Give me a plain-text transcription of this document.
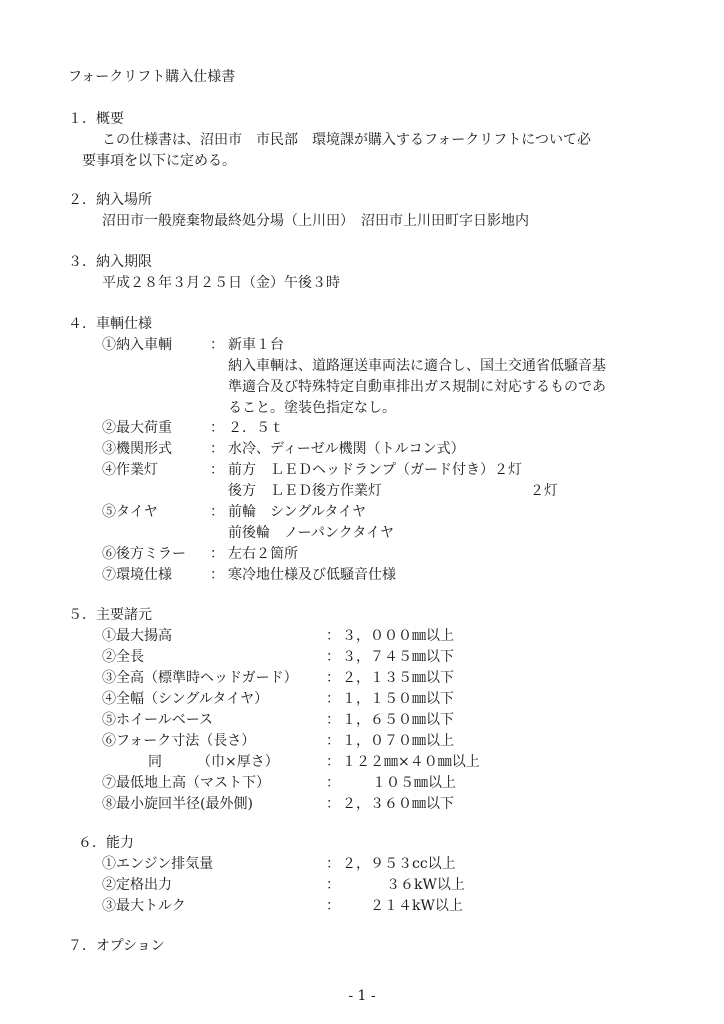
フォークリフト購入仕様書
１．概要
この仕様書は、沼田市　市民部　環境課が購入するフォークリフトについて必
要事項を以下に定める。
２．納入場所
沼田市一般廃棄物最終処分場（上川田）　沼田市上川田町字日影地内
３．納入期限
平成２８年３月２５日（金）午後３時
４．車輌仕様
①納入車輌	： 新車１台
納入車輌は、道路運送車両法に適合し、国土交通省低騒音基
準適合及び特殊特定自動車排出ガス規制に対応するものであ
ること。塗装色指定なし。
②最大荷重	： ２．５ｔ
③機関形式	： 水冷、ディーゼル機関（トルコン式）
④作業灯	： 前方　ＬＥＤヘッドランプ（ガード付き）２灯
後方　ＬＥＤ後方作業灯	２灯
⑤タイヤ	： 前輪　シングルタイヤ
前後輪　ノーパンクタイヤ
⑥後方ミラー ： 左右２箇所
⑦環境仕様	： 寒冷地仕様及び低騒音仕様
５．主要諸元
①最大揚高	： ３，０００㎜以上
②全長	： ３，７４５㎜以下
③全高（標準時ヘッドガード） ： ２，１３５㎜以下
④全幅（シングルタイヤ）	： １，１５０㎜以下
⑤ホイールベース	： １，６５０㎜以下
⑥フォーク寸法（長さ）	： １，０７０㎜以上
同　　　（巾×厚さ）	： １２２㎜×４０㎜以上
⑦最低地上高（マスト下）	： １０５㎜以上
⑧最小旋回半径(最外側)	： ２，３６０㎜以下
６．能力
①エンジン排気量	： ２，９５３cc以上
②定格出力	：	３６kW以上
③最大トルク	： ２１４kW以上
７．オプション
- 1 -
